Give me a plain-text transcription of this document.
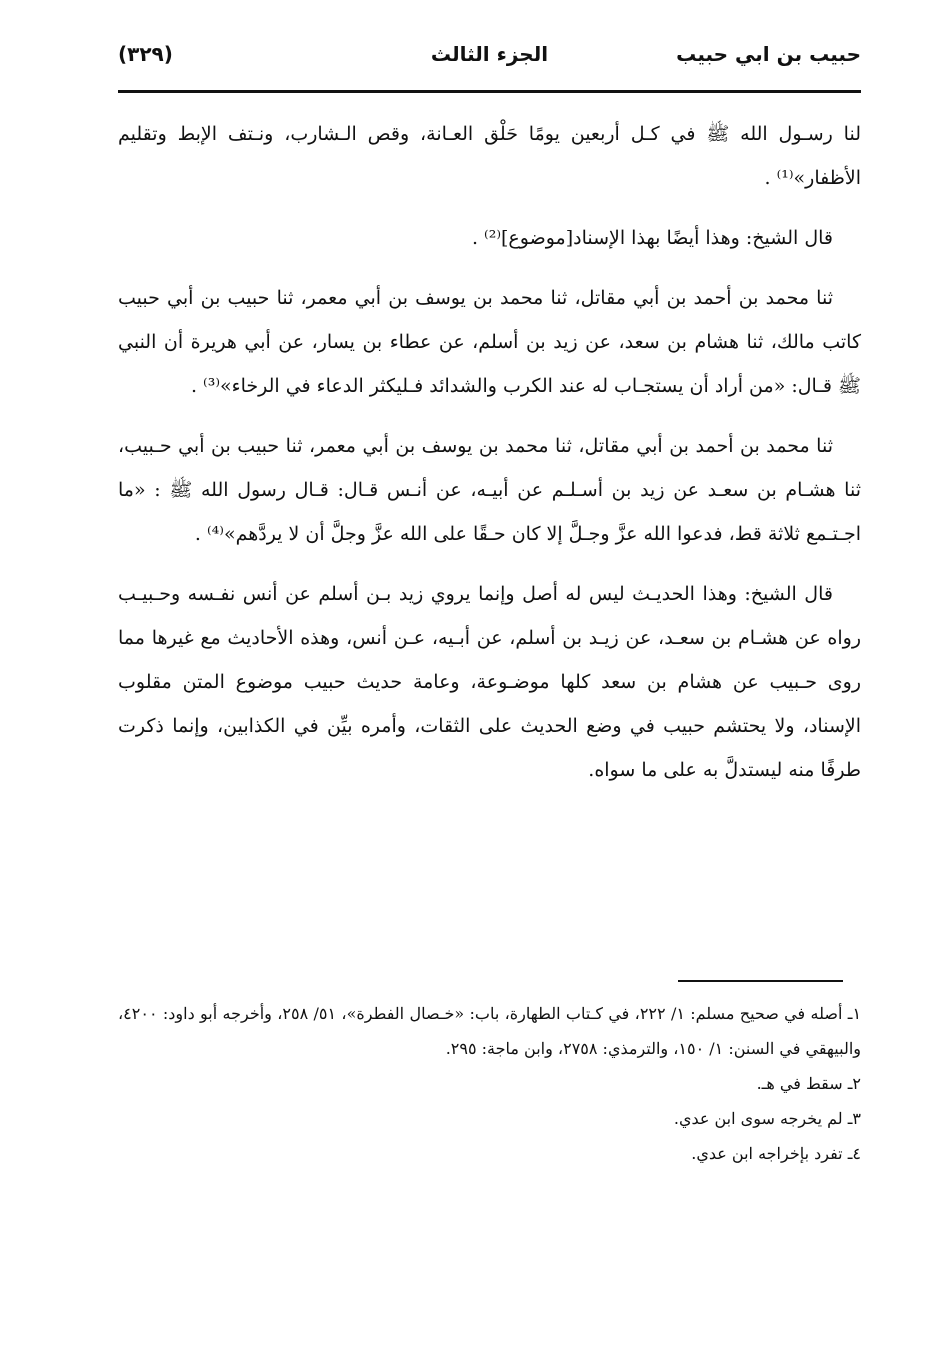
حبيب بن ابي حبيب
الجزء الثالث
(٣٢٩)

لنا رسـول الله ﷺ في كـل أربعين يومًا حَلْق العـانة، وقص الـشارب، ونـتف الإبط وتقليم الأظفار»⁽¹⁾ .

قال الشيخ: وهذا أيضًا بهذا الإسناد[موضوع]⁽²⁾ .

ثنا محمد بن أحمد بن أبي مقاتل، ثنا محمد بن يوسف بن أبي معمر، ثنا حبيب بن أبي حبيب كاتب مالك، ثنا هشام بن سعد، عن زيد بن أسلم، عن عطاء بن يسار، عن أبي هريرة أن النبي ﷺ قـال: «من أراد أن يستجـاب له عند الكرب والشدائد فـليكثر الدعاء في الرخاء»⁽³⁾ .

ثنا محمد بن أحمد بن أبي مقاتل، ثنا محمد بن يوسف بن أبي معمر، ثنا حبيب بن أبي حـبيب، ثنا هشـام بن سعـد عن زيد بن أسـلـم عن أبيـه، عن أنـس قـال: قـال رسول الله ﷺ : «ما اجـتـمع ثلاثة قط، فدعوا الله عزَّ وجـلَّ إلا كان حـقًا على الله عزَّ وجلَّ أن لا يردَّهم»⁽⁴⁾ .

قال الشيخ: وهذا الحديـث ليس له أصل وإنما يروي زيد بـن أسلم عن أنس نفـسه وحـبيـب رواه عن هشـام بن سعـد، عن زيـد بن أسلم، عن أبـيه، عـن أنس، وهذه الأحاديث مع غيرها مما روى حـبيب عن هشام بن سعد كلها موضـوعة، وعامة حديث حبيب موضوع المتن مقلوب الإسناد، ولا يحتشم حبيب في وضع الحديث على الثقات، وأمره بيِّن في الكذابين، وإنما ذكرت طرفًا منه ليستدلَّ به على ما سواه.

١ـ أصله في صحيح مسلم: ١/ ٢٢٢، في كـتاب الطهارة، باب: «خـصال الفطرة»، ٥١/ ٢٥٨، وأخرجه أبو داود: ٤٢٠٠، والبيهقي في السنن: ١/ ١٥٠، والترمذي: ٢٧٥٨، وابن ماجة: ٢٩٥.

٢ـ سقط في هـ.

٣ـ لم يخرجه سوى ابن عدي.

٤ـ تفرد بإخراجه ابن عدي.
